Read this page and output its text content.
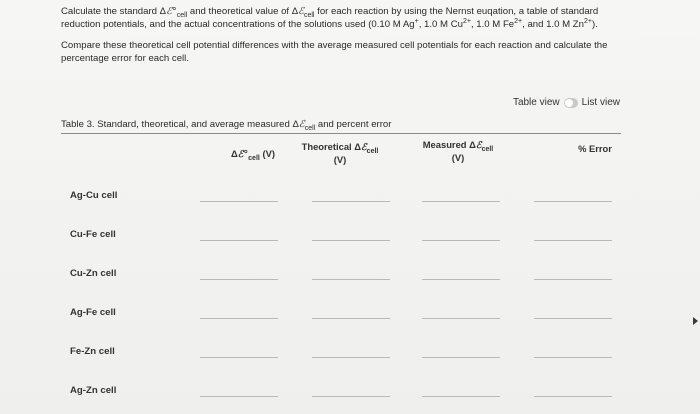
Calculate the standard $\Delta ℰ^\circ_{cell}$ and theoretical value of Δℰ$_{cell}$ for each reaction by using the Nernst euqation, a table of standard reduction potentials, and the actual concentrations of the solutions used (0.10 M Ag+, 1.0 M $Cu^{2+}$, 1.0 M $Fe^{2+}$, and 1.0 M $Zn^{2+}$).

Compare these theoretical cell potential differences with the average measured cell potentials for each reaction and calculate the percentage error for each cell.

Table view List view
Table 3. Standard, theoretical, and average measured Δℰ$_{cell}$ and percent error
$\Delta ℰ^\circ_{cell}$ (V)
Theoretical Δℰ$_{cell}$
(V)
Measured Δℰ$_{cell}$
(V)
% Error
Ag-Cu cell
Cu-Fe cell
Cu-Zn cell
Ag-Fe cell
Fe-Zn cell
Ag-Zn cell
